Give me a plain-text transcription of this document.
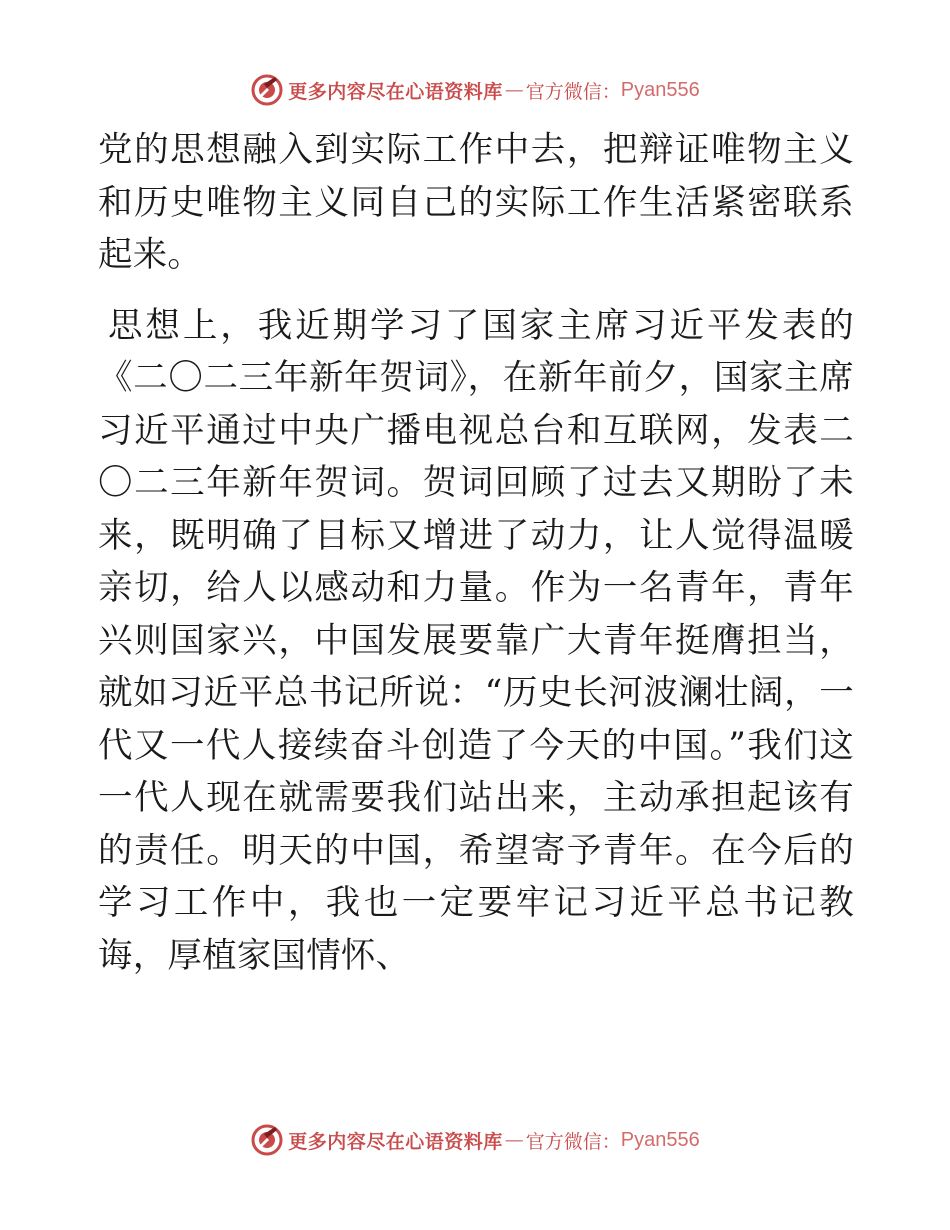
更多内容尽在心语资料库 — 官方微信： Pyan556

党的思想融入到实际工作中去，把辩证唯物主义和历史唯物主义同自己的实际工作生活紧密联系起来。

思想上，我近期学习了国家主席习近平发表的《二〇二三年新年贺词》，在新年前夕，国家主席习近平通过中央广播电视总台和互联网，发表二〇二三年新年贺词。贺词回顾了过去又期盼了未来，既明确了目标又增进了动力，让人觉得温暖亲切，给人以感动和力量。作为一名青年，青年兴则国家兴，中国发展要靠广大青年挺膺担当，就如习近平总书记所说：“历史长河波澜壮阔，一代又一代人接续奋斗创造了今天的中国。”我们这一代人现在就需要我们站出来，主动承担起该有的责任。明天的中国，希望寄予青年。在今后的学习工作中，我也一定要牢记习近平总书记教诲，厚植家国情怀、

更多内容尽在心语资料库 — 官方微信： Pyan556
